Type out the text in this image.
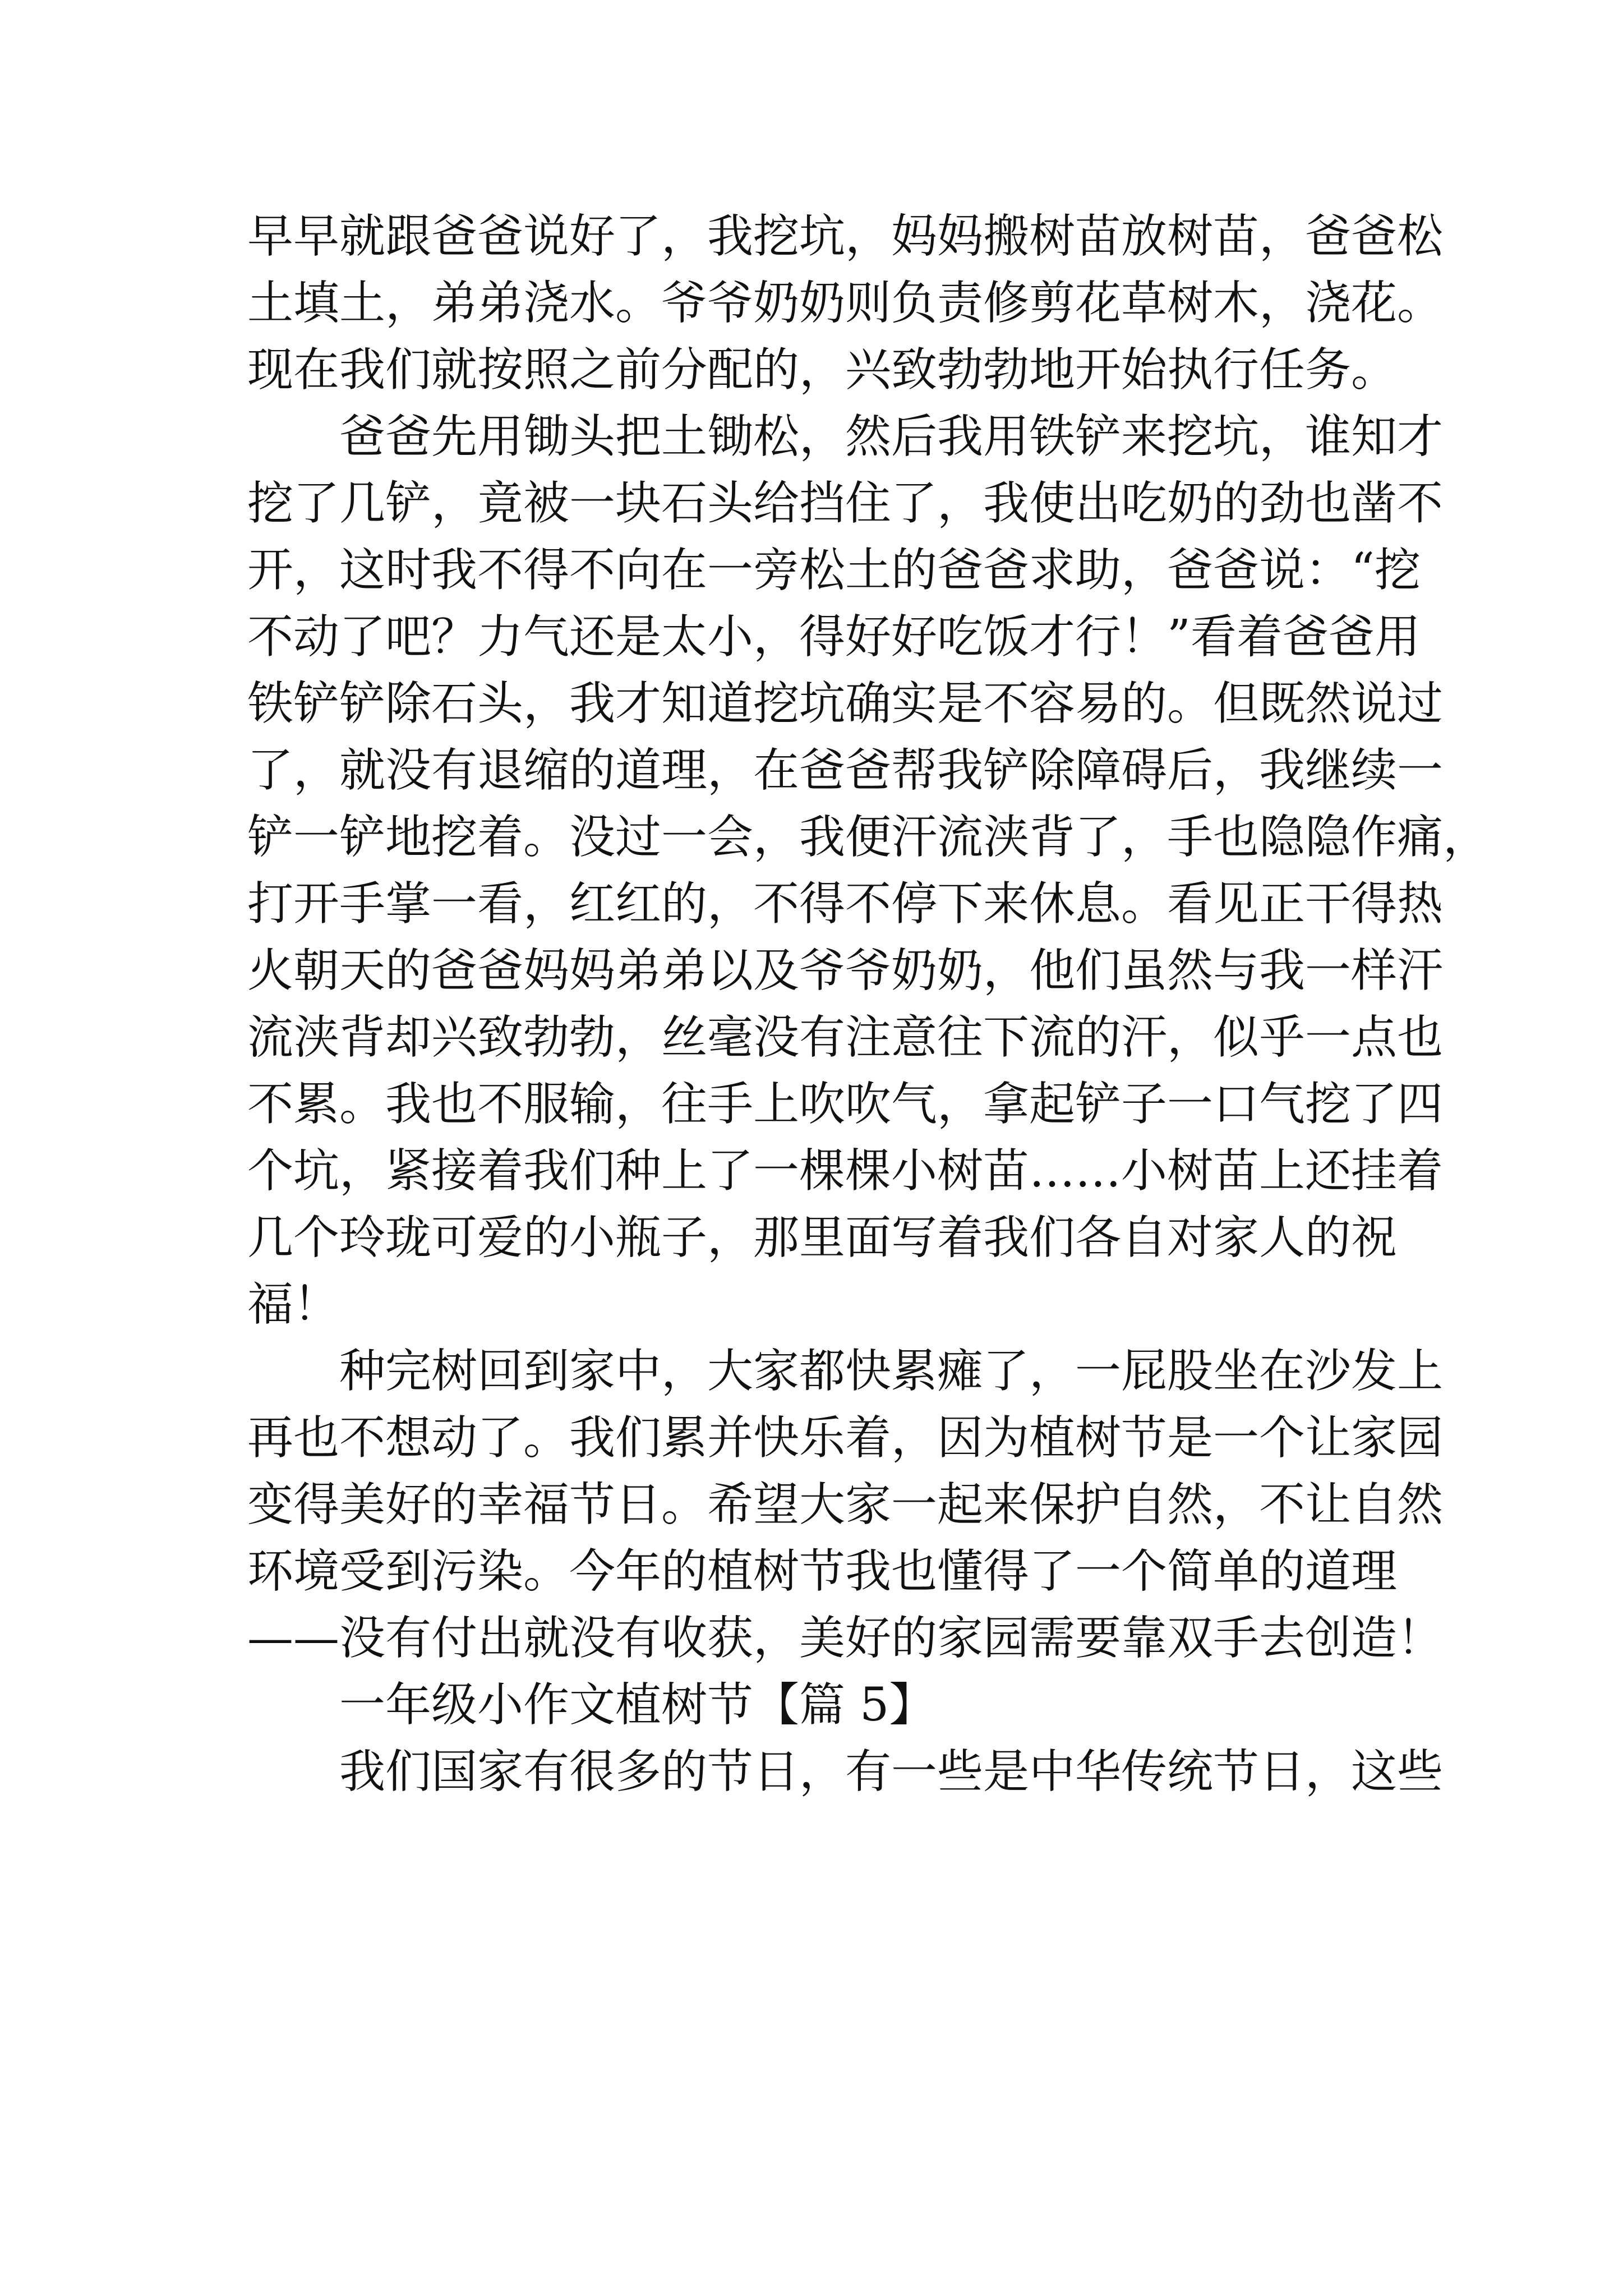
早早就跟爸爸说好了，我挖坑，妈妈搬树苗放树苗，爸爸松
土填土，弟弟浇水。爷爷奶奶则负责修剪花草树木，浇花。
现在我们就按照之前分配的，兴致勃勃地开始执行任务。
爸爸先用锄头把土锄松，然后我用铁铲来挖坑，谁知才
挖了几铲，竟被一块石头给挡住了，我使出吃奶的劲也凿不
开，这时我不得不向在一旁松土的爸爸求助，爸爸说：“挖
不动了吧？力气还是太小，得好好吃饭才行！”看着爸爸用
铁铲铲除石头，我才知道挖坑确实是不容易的。但既然说过
了，就没有退缩的道理，在爸爸帮我铲除障碍后，我继续一
铲一铲地挖着。没过一会，我便汗流浃背了，手也隐隐作痛，
打开手掌一看，红红的，不得不停下来休息。看见正干得热
火朝天的爸爸妈妈弟弟以及爷爷奶奶，他们虽然与我一样汗
流浃背却兴致勃勃，丝毫没有注意往下流的汗，似乎一点也
不累。我也不服输，往手上吹吹气，拿起铲子一口气挖了四
个坑，紧接着我们种上了一棵棵小树苗……小树苗上还挂着
几个玲珑可爱的小瓶子，那里面写着我们各自对家人的祝
福！
种完树回到家中，大家都快累瘫了，一屁股坐在沙发上
再也不想动了。我们累并快乐着，因为植树节是一个让家园
变得美好的幸福节日。希望大家一起来保护自然，不让自然
环境受到污染。今年的植树节我也懂得了一个简单的道理
——没有付出就没有收获，美好的家园需要靠双手去创造！
一年级小作文植树节【篇 5】
我们国家有很多的节日，有一些是中华传统节日，这些
